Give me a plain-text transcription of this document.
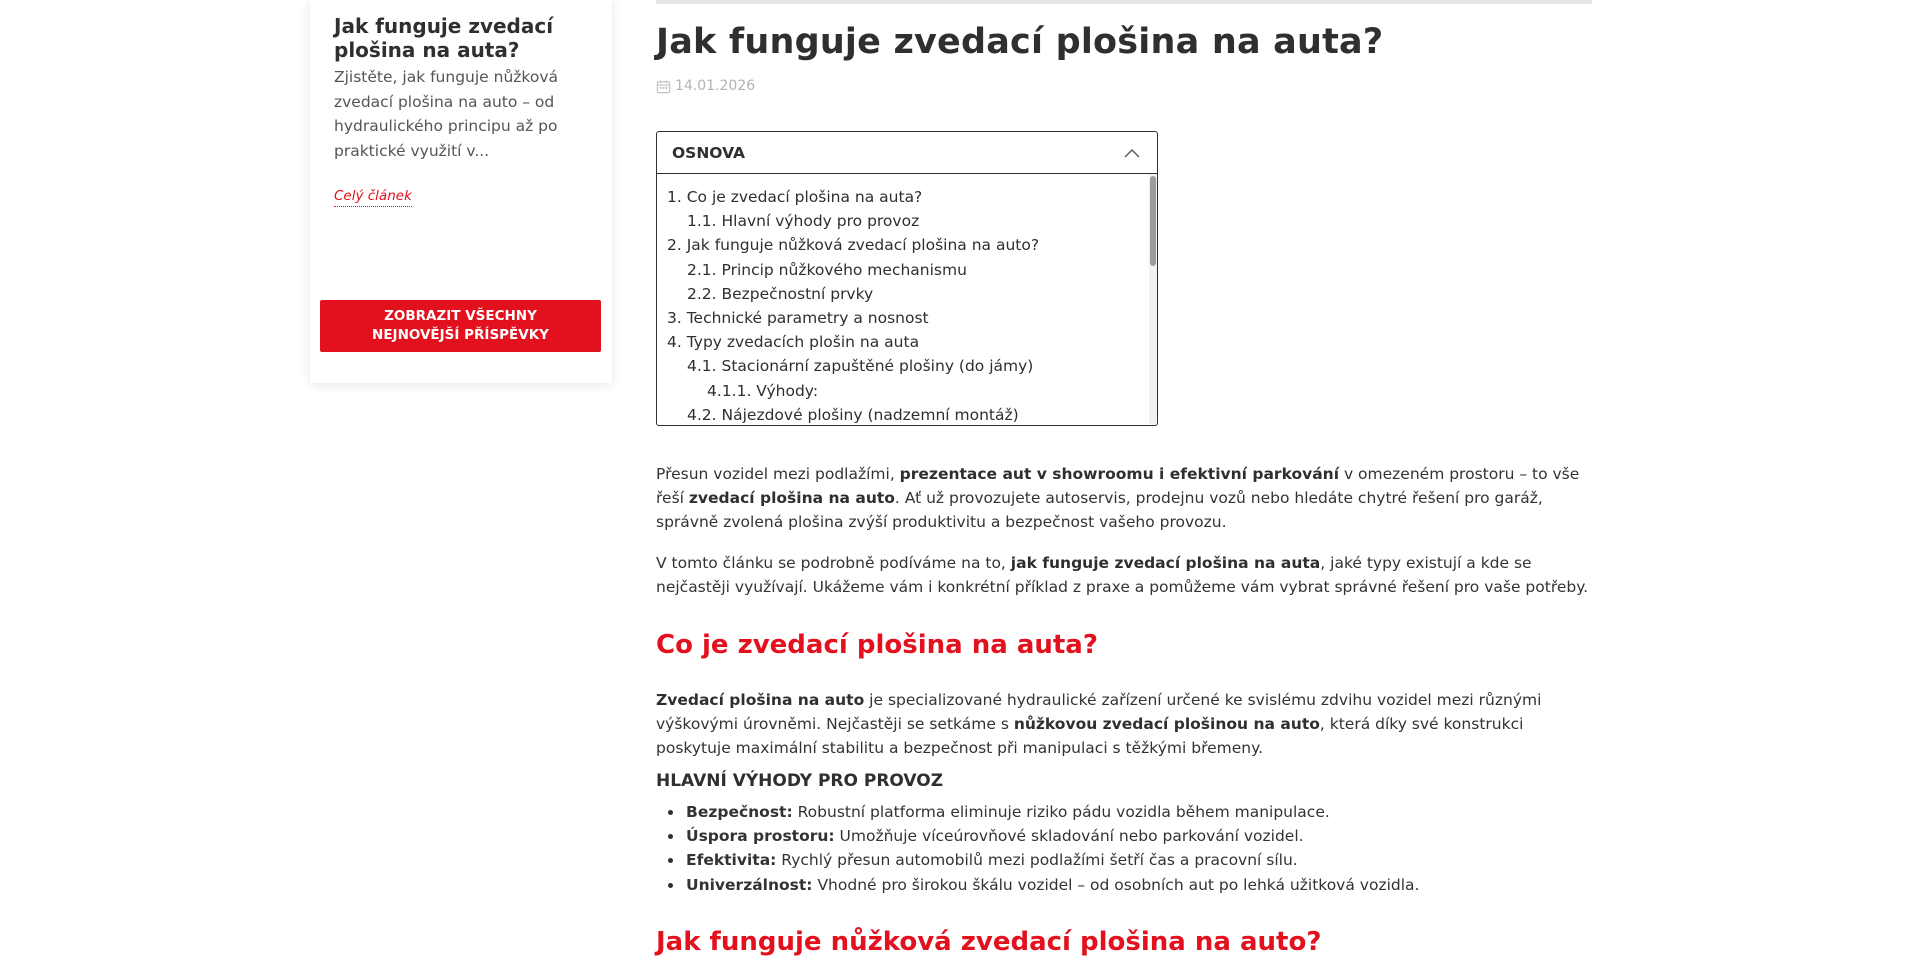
Jak funguje zvedací plošina na auta?

Zjistěte, jak funguje nůžková zvedací plošina na auto – od hydraulického principu až po praktické využití v...

Celý článek
ZOBRAZIT VŠECHNY NEJNOVĚJŠÍ PŘÍSPĚVKY
Jak funguje zvedací plošina na auta?
14.01.2026
OSNOVA
1. Co je zvedací plošina na auta?
1.1. Hlavní výhody pro provoz
2. Jak funguje nůžková zvedací plošina na auto?
2.1. Princip nůžkového mechanismu
2.2. Bezpečnostní prvky
3. Technické parametry a nosnost
4. Typy zvedacích plošin na auta
4.1. Stacionární zapuštěné plošiny (do jámy)
4.1.1. Výhody:
4.2. Nájezdové plošiny (nadzemní montáž)

Přesun vozidel mezi podlažími, prezentace aut v showroomu i efektivní parkování v omezeném prostoru – to vše řeší zvedací plošina na auto. Ať už provozujete autoservis, prodejnu vozů nebo hledáte chytré řešení pro garáž, správně zvolená plošina zvýší produktivitu a bezpečnost vašeho provozu.

V tomto článku se podrobně podíváme na to, jak funguje zvedací plošina na auta, jaké typy existují a kde se nejčastěji využívají. Ukážeme vám i konkrétní příklad z praxe a pomůžeme vám vybrat správné řešení pro vaše potřeby.

Co je zvedací plošina na auta?

Zvedací plošina na auto je specializované hydraulické zařízení určené ke svislému zdvihu vozidel mezi různými výškovými úrovněmi. Nejčastěji se setkáme s nůžkovou zvedací plošinou na auto, která díky své konstrukci poskytuje maximální stabilitu a bezpečnost při manipulaci s těžkými břemeny.

HLAVNÍ VÝHODY PRO PROVOZ
Bezpečnost: Robustní platforma eliminuje riziko pádu vozidla během manipulace.
Úspora prostoru: Umožňuje víceúrovňové skladování nebo parkování vozidel.
Efektivita: Rychlý přesun automobilů mezi podlažími šetří čas a pracovní sílu.
Univerzálnost: Vhodné pro širokou škálu vozidel – od osobních aut po lehká užitková vozidla.
Jak funguje nůžková zvedací plošina na auto?
